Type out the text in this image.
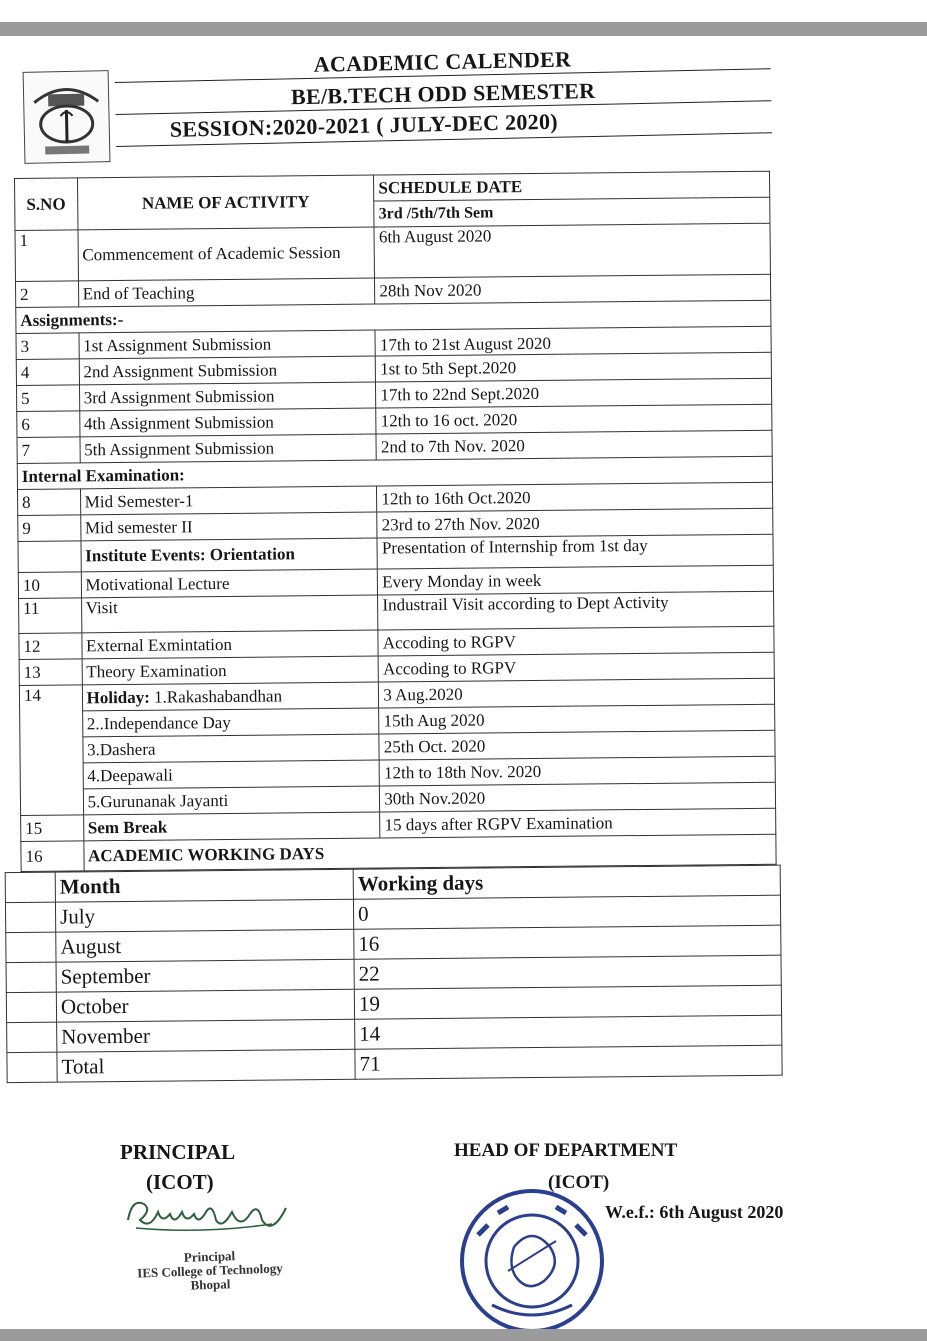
ACADEMIC CALENDER
BE/B.TECH ODD SEMESTER
SESSION:2020-2021 ( JULY-DEC 2020)
S.NO	NAME OF ACTIVITY	SCHEDULE DATE
		3rd /5th/7th Sem
1	Commencement of Academic Session	6th August 2020
2	End of Teaching	28th Nov 2020
Assignments:-		
3	1st Assignment Submission	17th to 21st August 2020
4	2nd Assignment Submission	1st to 5th Sept.2020
5	3rd Assignment Submission	17th to 22nd Sept.2020
6	4th Assignment Submission	12th to 16 oct. 2020
7	5th Assignment Submission	2nd to 7th Nov. 2020
Internal Examination:		
8	Mid Semester-1	12th to 16th Oct.2020
9	Mid semester II	23rd to 27th Nov. 2020
	Institute Events: Orientation	Presentation of Internship from 1st day
10	Motivational Lecture	Every Monday in week
11	Visit	Industrail Visit according to Dept Activity
12	External Exmintation	Accoding to RGPV
13	Theory Examination	Accoding to RGPV
14	Holiday: 1.Rakashabandhan	3 Aug.2020
	2..Independance Day	15th Aug 2020
	3.Dashera	25th Oct. 2020
	4.Deepawali	12th to 18th Nov. 2020
	5.Gurunanak Jayanti	30th Nov.2020
15	Sem Break	15 days after RGPV Examination
16	ACADEMIC WORKING DAYS	
	Month	Working days
	July	0
	August	16
	September	22
	October	19
	November	14
	Total	71
PRINCIPAL
(ICOT)
Principal
IES College of Technology
Bhopal
HEAD OF DEPARTMENT
(ICOT)
W.e.f.: 6th August 2020
